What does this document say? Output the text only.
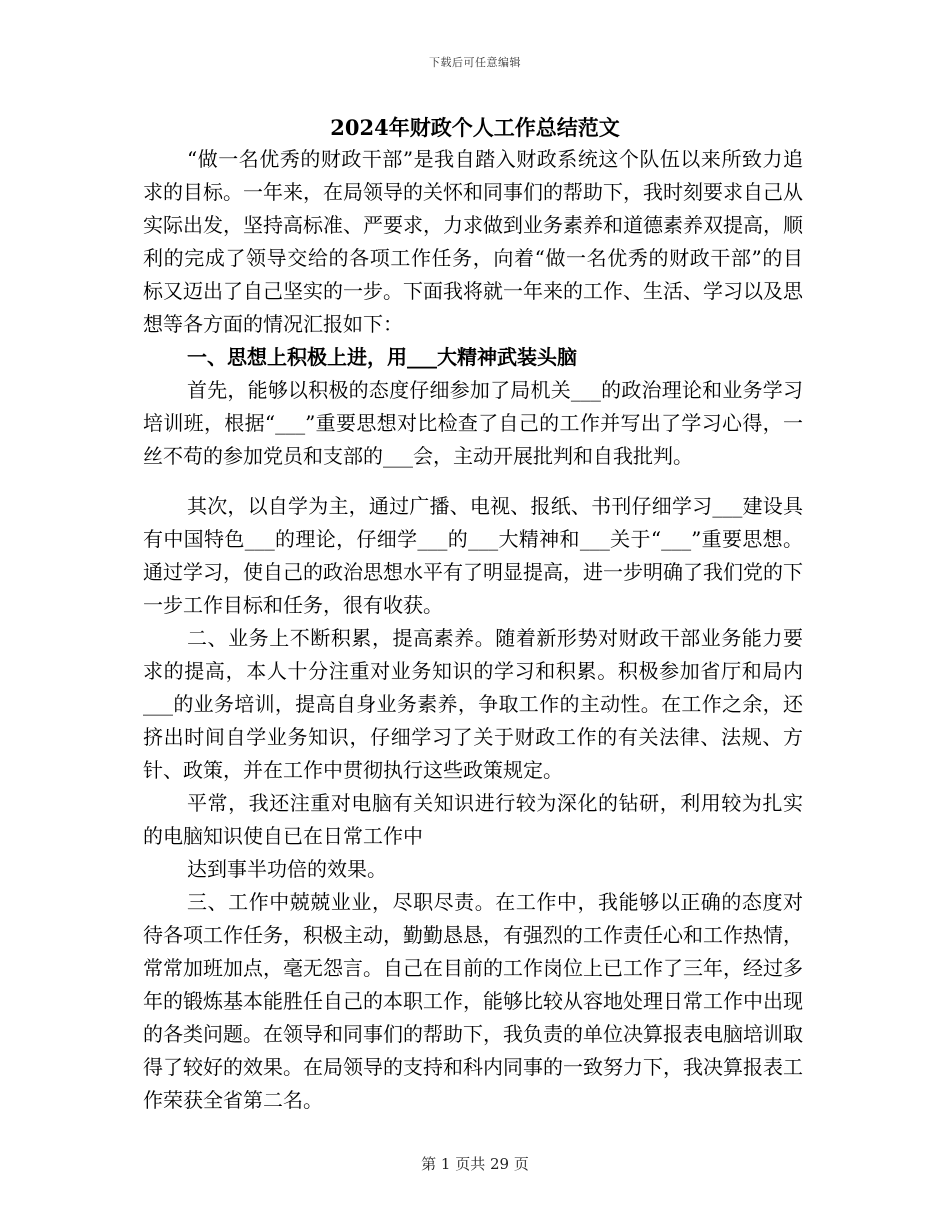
下载后可任意编辑
2024年财政个人工作总结范文

“做一名优秀的财政干部”是我自踏入财政系统这个队伍以来所致力追求的目标。一年来，在局领导的关怀和同事们的帮助下，我时刻要求自己从实际出发，坚持高标准、严要求，力求做到业务素养和道德素养双提高，顺利的完成了领导交给的各项工作任务，向着“做一名优秀的财政干部”的目标又迈出了自己坚实的一步。下面我将就一年来的工作、生活、学习以及思想等各方面的情况汇报如下：

一、思想上积极上进，用___大精神武装头脑

首先，能够以积极的态度仔细参加了局机关___的政治理论和业务学习培训班，根据“___”重要思想对比检查了自己的工作并写出了学习心得，一丝不苟的参加党员和支部的___会，主动开展批判和自我批判。

其次，以自学为主，通过广播、电视、报纸、书刊仔细学习___建设具有中国特色___的理论，仔细学___的___大精神和___关于“___”重要思想。通过学习，使自己的政治思想水平有了明显提高，进一步明确了我们党的下一步工作目标和任务，很有收获。

二、业务上不断积累，提高素养。随着新形势对财政干部业务能力要求的提高，本人十分注重对业务知识的学习和积累。积极参加省厅和局内___的业务培训，提高自身业务素养，争取工作的主动性。在工作之余，还挤出时间自学业务知识，仔细学习了关于财政工作的有关法律、法规、方针、政策，并在工作中贯彻执行这些政策规定。

平常，我还注重对电脑有关知识进行较为深化的钻研，利用较为扎实的电脑知识使自已在日常工作中

达到事半功倍的效果。

三、工作中兢兢业业，尽职尽责。在工作中，我能够以正确的态度对待各项工作任务，积极主动，勤勤恳恳，有强烈的工作责任心和工作热情，常常加班加点，毫无怨言。自己在目前的工作岗位上已工作了三年，经过多年的锻炼基本能胜任自己的本职工作，能够比较从容地处理日常工作中出现的各类问题。在领导和同事们的帮助下，我负责的单位决算报表电脑培训取得了较好的效果。在局领导的支持和科内同事的一致努力下，我决算报表工作荣获全省第二名。

第 1 页共 29 页
